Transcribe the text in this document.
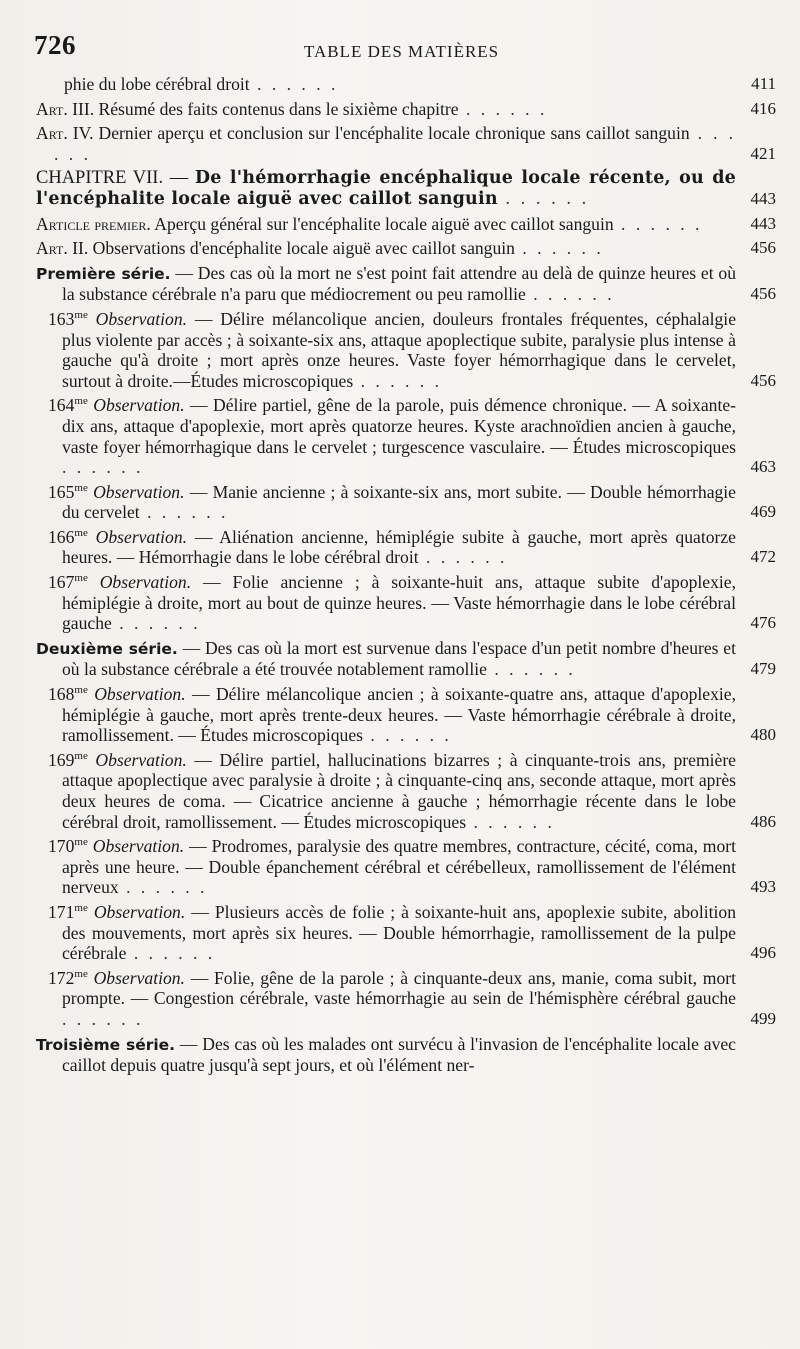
726	TABLE DES MATIÈRES
phie du lobe cérébral droit . . . . . .	411
Art. III. Résumé des faits contenus dans le sixième chapitre . . . . . .	416
Art. IV. Dernier aperçu et conclusion sur l'encéphalite locale chronique sans caillot sanguin . . . . . .	421
CHAPITRE VII. — De l'hémorrhagie encéphalique locale récente, ou de l'encéphalite locale aiguë avec caillot sanguin . . . . . .	443
Article premier. Aperçu général sur l'encéphalite locale aiguë avec caillot sanguin . . . . . .	443
Art. II. Observations d'encéphalite locale aiguë avec caillot sanguin . . . . . .	456
Première série. — Des cas où la mort ne s'est point fait attendre au delà de quinze heures et où la substance cérébrale n'a paru que médiocrement ou peu ramollie . . . . . .	456
$163^{me}$ Observation. — Délire mélancolique ancien, douleurs frontales fréquentes, céphalalgie plus violente par accès ; à soixante-six ans, attaque apoplectique subite, paralysie plus intense à gauche qu'à droite ; mort après onze heures. Vaste foyer hémorrhagique dans le cervelet, surtout à droite.—Études microscopiques . . . . . .	456
$164^{me}$ Observation. — Délire partiel, gêne de la parole, puis démence chronique. — A soixante-dix ans, attaque d'apoplexie, mort après quatorze heures. Kyste arachnoïdien ancien à gauche, vaste foyer hémorrhagique dans le cervelet ; turgescence vasculaire. — Études microscopiques . . . . . .	463
$165^{me}$ Observation. — Manie ancienne ; à soixante-six ans, mort subite. — Double hémorrhagie du cervelet . . . . . .	469
$166^{me}$ Observation. — Aliénation ancienne, hémiplégie subite à gauche, mort après quatorze heures. — Hémorrhagie dans le lobe cérébral droit . . . . . .	472
$167^{me}$ Observation. — Folie ancienne ; à soixante-huit ans, attaque subite d'apoplexie, hémiplégie à droite, mort au bout de quinze heures. — Vaste hémorrhagie dans le lobe cérébral gauche . . . . . .	476
Deuxième série. — Des cas où la mort est survenue dans l'espace d'un petit nombre d'heures et où la substance cérébrale a été trouvée notablement ramollie . . . . . .	479
$168^{me}$ Observation. — Délire mélancolique ancien ; à soixante-quatre ans, attaque d'apoplexie, hémiplégie à gauche, mort après trente-deux heures. — Vaste hémorrhagie cérébrale à droite, ramollissement. — Études microscopiques . . . . . .	480
$169^{me}$ Observation. — Délire partiel, hallucinations bizarres ; à cinquante-trois ans, première attaque apoplectique avec paralysie à droite ; à cinquante-cinq ans, seconde attaque, mort après deux heures de coma. — Cicatrice ancienne à gauche ; hémorrhagie récente dans le lobe cérébral droit, ramollissement. — Études microscopiques . . . . . .	486
$170^{me}$ Observation. — Prodromes, paralysie des quatre membres, contracture, cécité, coma, mort après une heure. — Double épanchement cérébral et cérébelleux, ramollissement de l'élément nerveux . . . . . .	493
$171^{me}$ Observation. — Plusieurs accès de folie ; à soixante-huit ans, apoplexie subite, abolition des mouvements, mort après six heures. — Double hémorrhagie, ramollissement de la pulpe cérébrale . . . . . .	496
$172^{me}$ Observation. — Folie, gêne de la parole ; à cinquante-deux ans, manie, coma subit, mort prompte. — Congestion cérébrale, vaste hémorrhagie au sein de l'hémisphère cérébral gauche . . . . . .	499
Troisième série. — Des cas où les malades ont survécu à l'invasion de l'encéphalite locale avec caillot depuis quatre jusqu'à sept jours, et où l'élément ner-
